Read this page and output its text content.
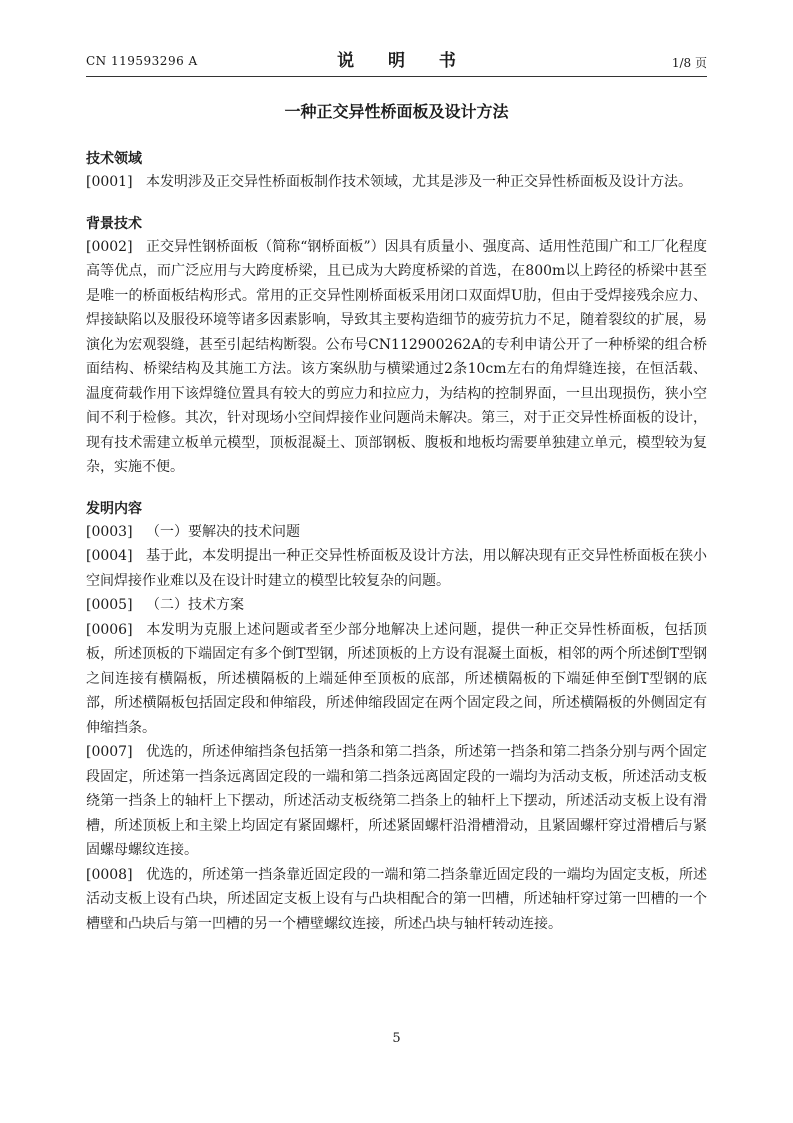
CN 119593296 A	说 明 书	1/8 页
一种正交异性桥面板及设计方法
技术领域
[0001] 本发明涉及正交异性桥面板制作技术领域，尤其是涉及一种正交异性桥面板及设计方法。
背景技术
[0002] 正交异性钢桥面板（简称“钢桥面板”）因具有质量小、强度高、适用性范围广和工厂化程度高等优点，而广泛应用与大跨度桥梁，且已成为大跨度桥梁的首选，在800m以上跨径的桥梁中甚至是唯一的桥面板结构形式。常用的正交异性刚桥面板采用闭口双面焊U肋，但由于受焊接残余应力、焊接缺陷以及服役环境等诸多因素影响，导致其主要构造细节的疲劳抗力不足，随着裂纹的扩展，易演化为宏观裂缝，甚至引起结构断裂。公布号CN112900262A的专利申请公开了一种桥梁的组合桥面结构、桥梁结构及其施工方法。该方案纵肋与横梁通过2条10cm左右的角焊缝连接，在恒活载、温度荷载作用下该焊缝位置具有较大的剪应力和拉应力，为结构的控制界面，一旦出现损伤，狭小空间不利于检修。其次，针对现场小空间焊接作业问题尚未解决。第三，对于正交异性桥面板的设计，现有技术需建立板单元模型，顶板混凝土、顶部钢板、腹板和地板均需要单独建立单元，模型较为复杂，实施不便。
发明内容
[0003] （一）要解决的技术问题
[0004] 基于此，本发明提出一种正交异性桥面板及设计方法，用以解决现有正交异性桥面板在狭小空间焊接作业难以及在设计时建立的模型比较复杂的问题。
[0005] （二）技术方案
[0006] 本发明为克服上述问题或者至少部分地解决上述问题，提供一种正交异性桥面板，包括顶板，所述顶板的下端固定有多个倒T型钢，所述顶板的上方设有混凝土面板，相邻的两个所述倒T型钢之间连接有横隔板，所述横隔板的上端延伸至顶板的底部，所述横隔板的下端延伸至倒T型钢的底部，所述横隔板包括固定段和伸缩段，所述伸缩段固定在两个固定段之间，所述横隔板的外侧固定有伸缩挡条。
[0007] 优选的，所述伸缩挡条包括第一挡条和第二挡条，所述第一挡条和第二挡条分别与两个固定段固定，所述第一挡条远离固定段的一端和第二挡条远离固定段的一端均为活动支板，所述活动支板绕第一挡条上的轴杆上下摆动，所述活动支板绕第二挡条上的轴杆上下摆动，所述活动支板上设有滑槽，所述顶板上和主梁上均固定有紧固螺杆，所述紧固螺杆沿滑槽滑动，且紧固螺杆穿过滑槽后与紧固螺母螺纹连接。
[0008] 优选的，所述第一挡条靠近固定段的一端和第二挡条靠近固定段的一端均为固定支板，所述活动支板上设有凸块，所述固定支板上设有与凸块相配合的第一凹槽，所述轴杆穿过第一凹槽的一个槽壁和凸块后与第一凹槽的另一个槽壁螺纹连接，所述凸块与轴杆转动连接。
5
